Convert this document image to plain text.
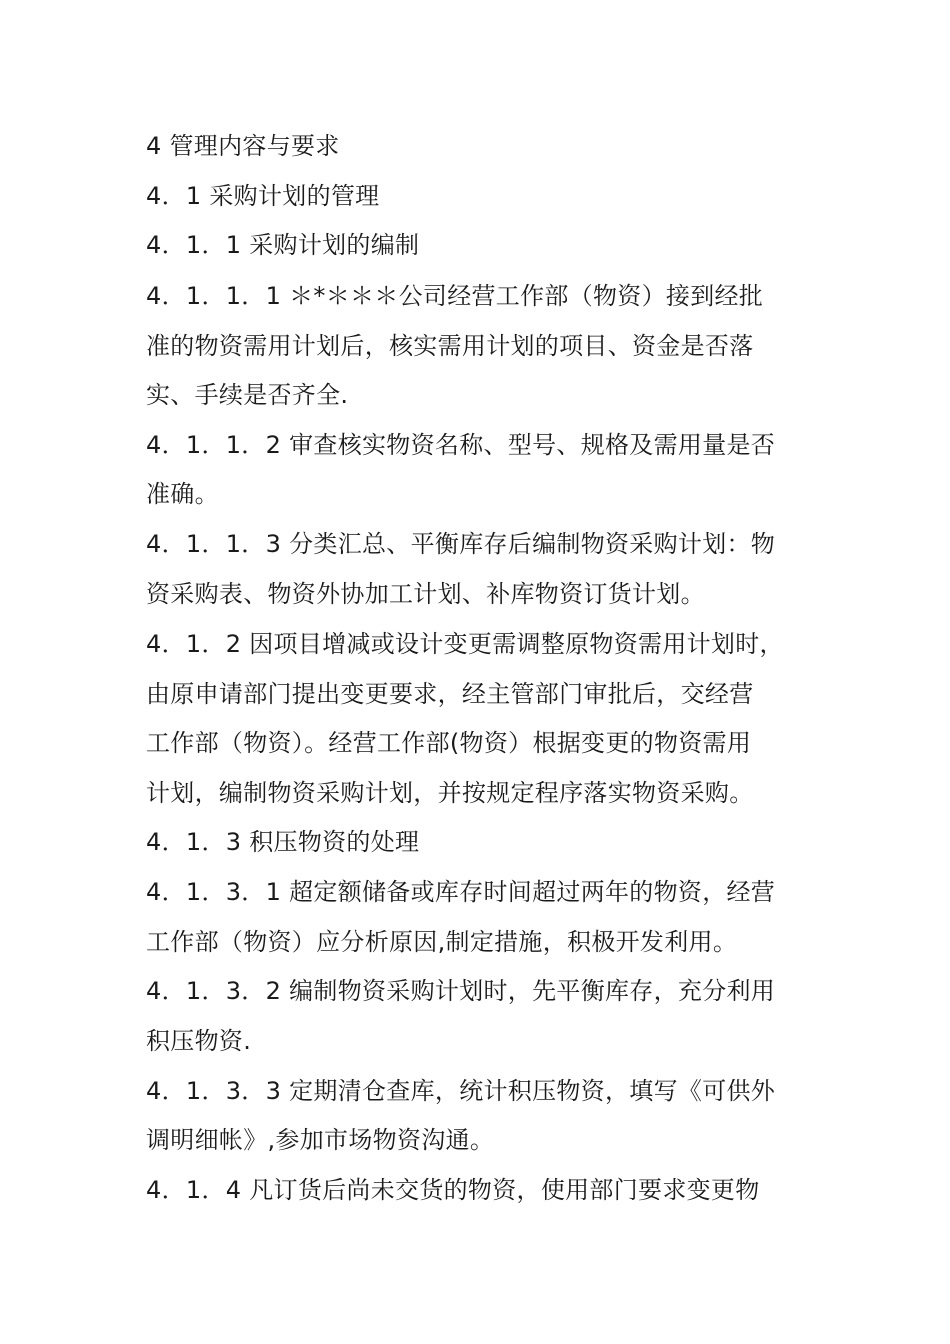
4 管理内容与要求
4．1 采购计划的管理
4．1．1 采购计划的编制
4．1．1．1 ＊*＊＊＊公司经营工作部（物资）接到经批
准的物资需用计划后，核实需用计划的项目、资金是否落
实、手续是否齐全.
4．1．1．2 审查核实物资名称、型号、规格及需用量是否
准确。
4．1．1．3 分类汇总、平衡库存后编制物资采购计划：物
资采购表、物资外协加工计划、补库物资订货计划。
4．1．2 因项目增减或设计变更需调整原物资需用计划时，
由原申请部门提出变更要求，经主管部门审批后，交经营
工作部（物资）。经营工作部(物资）根据变更的物资需用
计划，编制物资采购计划，并按规定程序落实物资采购。
4．1．3 积压物资的处理
4．1．3．1 超定额储备或库存时间超过两年的物资，经营
工作部（物资）应分析原因,制定措施，积极开发利用。
4．1．3．2 编制物资采购计划时，先平衡库存，充分利用
积压物资.
4．1．3．3 定期清仓查库，统计积压物资，填写《可供外
调明细帐》,参加市场物资沟通。
4．1．4 凡订货后尚未交货的物资，使用部门要求变更物
